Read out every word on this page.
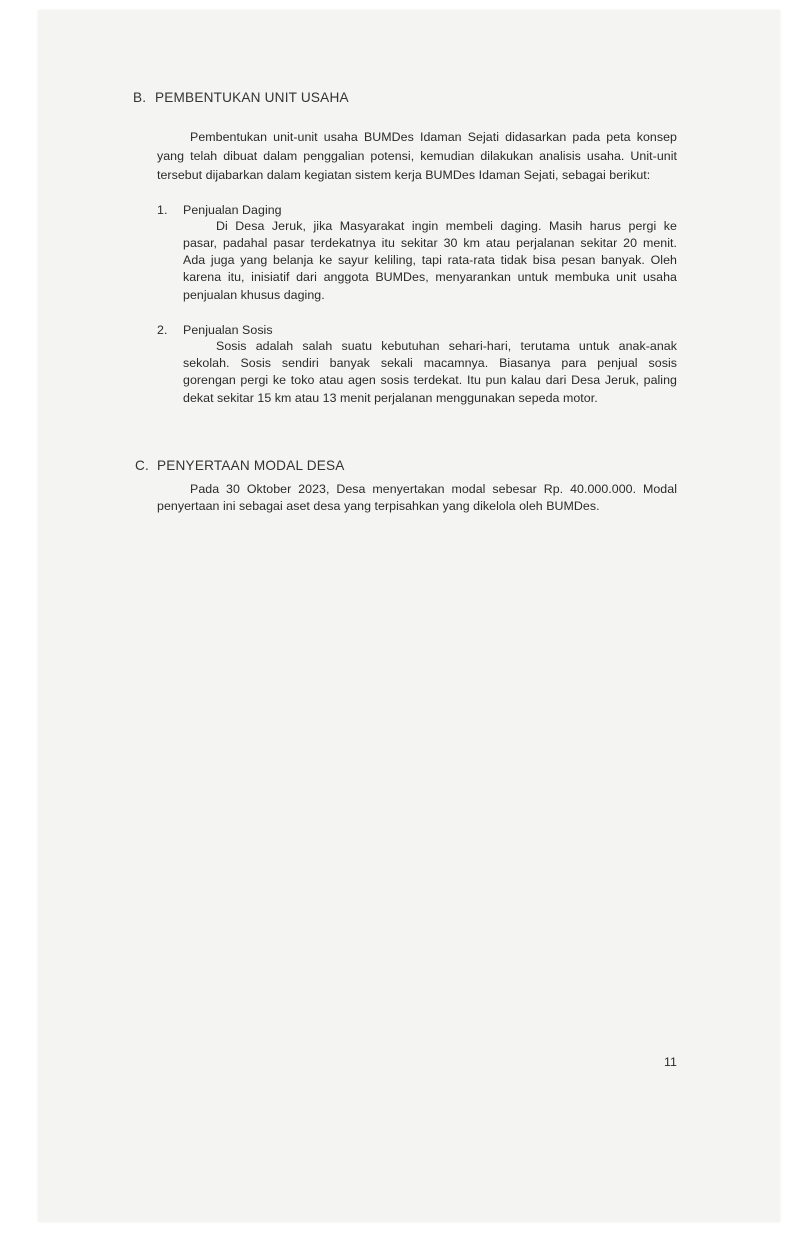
B. PEMBENTUKAN UNIT USAHA
Pembentukan unit-unit usaha BUMDes Idaman Sejati didasarkan pada peta konsep
yang telah dibuat dalam penggalian potensi, kemudian dilakukan analisis usaha. Unit-unit
tersebut dijabarkan dalam kegiatan sistem kerja BUMDes Idaman Sejati, sebagai berikut:
1. Penjualan Daging
Di Desa Jeruk, jika Masyarakat ingin membeli daging. Masih harus pergi ke
pasar, padahal pasar terdekatnya itu sekitar 30 km atau perjalanan sekitar 20 menit.
Ada juga yang belanja ke sayur keliling, tapi rata-rata tidak bisa pesan banyak. Oleh
karena itu, inisiatif dari anggota BUMDes, menyarankan untuk membuka unit usaha
penjualan khusus daging.
2. Penjualan Sosis
Sosis adalah salah suatu kebutuhan sehari-hari, terutama untuk anak-anak
sekolah. Sosis sendiri banyak sekali macamnya. Biasanya para penjual sosis
gorengan pergi ke toko atau agen sosis terdekat. Itu pun kalau dari Desa Jeruk, paling
dekat sekitar 15 km atau 13 menit perjalanan menggunakan sepeda motor.
C. PENYERTAAN MODAL DESA
Pada 30 Oktober 2023, Desa menyertakan modal sebesar Rp. 40.000.000. Modal
penyertaan ini sebagai aset desa yang terpisahkan yang dikelola oleh BUMDes.
11
